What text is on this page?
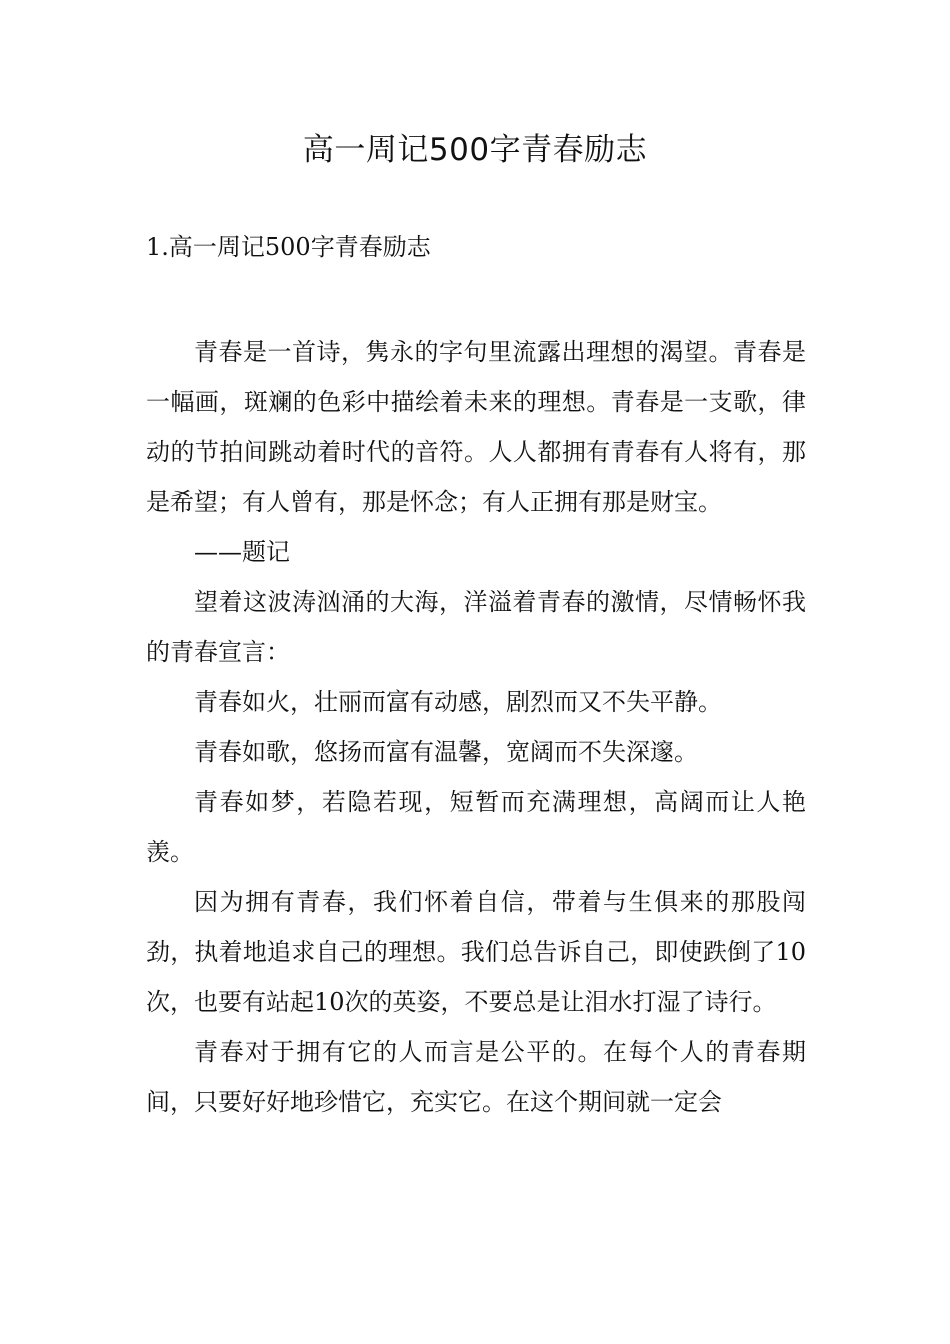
高一周记500字青春励志
1.高一周记500字青春励志

青春是一首诗，隽永的字句里流露出理想的渴望。青春是一幅画，斑斓的色彩中描绘着未来的理想。青春是一支歌，律动的节拍间跳动着时代的音符。人人都拥有青春有人将有，那是希望；有人曾有，那是怀念；有人正拥有那是财宝。

——题记

望着这波涛汹涌的大海，洋溢着青春的激情，尽情畅怀我的青春宣言：

青春如火，壮丽而富有动感，剧烈而又不失平静。

青春如歌，悠扬而富有温馨，宽阔而不失深邃。

青春如梦，若隐若现，短暂而充满理想，高阔而让人艳羡。

因为拥有青春，我们怀着自信，带着与生俱来的那股闯劲，执着地追求自己的理想。我们总告诉自己，即使跌倒了10次，也要有站起10次的英姿，不要总是让泪水打湿了诗行。

青春对于拥有它的人而言是公平的。在每个人的青春期间，只要好好地珍惜它，充实它。在这个期间就一定会
